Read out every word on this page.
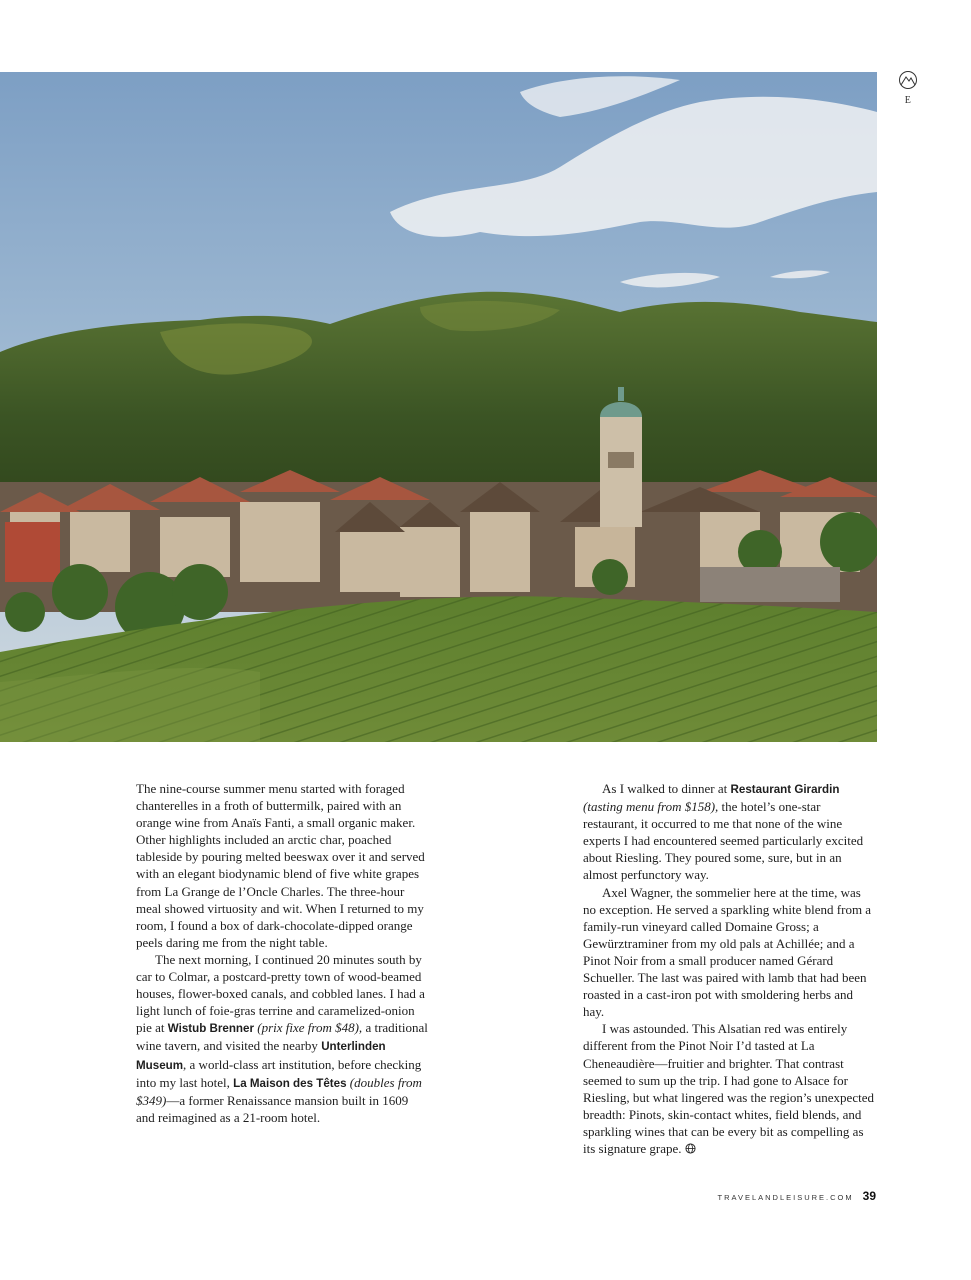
E

The nine-course summer menu started with foraged chanterelles in a froth of buttermilk, paired with an orange wine from Anaïs Fanti, a small organic maker. Other highlights included an arctic char, poached tableside by pouring melted beeswax over it and served with an elegant biodynamic blend of five white grapes from La Grange de l’Oncle Charles. The three-hour meal showed virtuosity and wit. When I returned to my room, I found a box of dark-chocolate-dipped orange peels daring me from the night table.

The next morning, I continued 20 minutes south by car to Colmar, a postcard-pretty town of wood-beamed houses, flower-boxed canals, and cobbled lanes. I had a light lunch of foie-gras terrine and caramelized-onion pie at Wistub Brenner (prix fixe from $48), a traditional wine tavern, and visited the nearby Unterlinden Museum, a world-class art institution, before checking into my last hotel, La Maison des Têtes (doubles from $349)—a former Renaissance mansion built in 1609 and reimagined as a 21-room hotel.

As I walked to dinner at Restaurant Girardin (tasting menu from $158), the hotel’s one-star restaurant, it occurred to me that none of the wine experts I had encountered seemed particularly excited about Riesling. They poured some, sure, but in an almost perfunctory way.

Axel Wagner, the sommelier here at the time, was no exception. He served a sparkling white blend from a family-run vineyard called Domaine Gross; a Gewürztraminer from my old pals at Achillée; and a Pinot Noir from a small producer named Gérard Schueller. The last was paired with lamb that had been roasted in a cast-iron pot with smoldering herbs and hay.

I was astounded. This Alsatian red was entirely different from the Pinot Noir I’d tasted at La Cheneaudière—fruitier and brighter. That contrast seemed to sum up the trip. I had gone to Alsace for Riesling, but what lingered was the region’s unexpected breadth: Pinots, skin-contact whites, field blends, and sparkling wines that can be every bit as compelling as its signature grape.

TRAVELANDLEISURE.COM 39
